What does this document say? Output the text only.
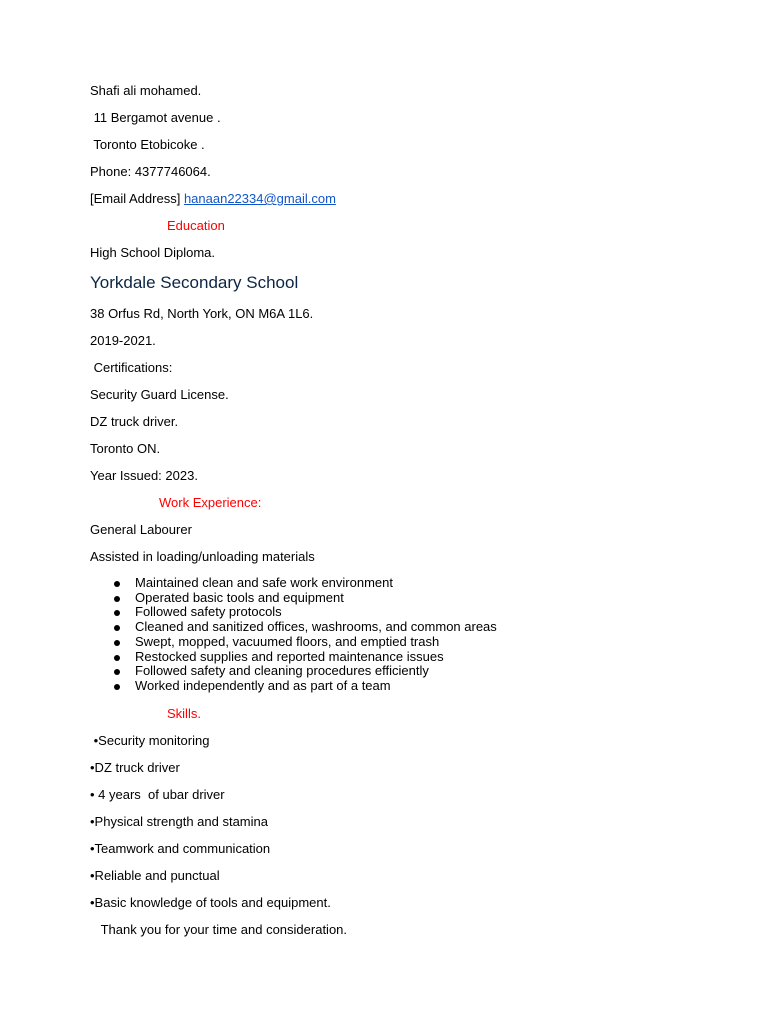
Shafi ali mohamed.
11 Bergamot avenue .
Toronto Etobicoke .
Phone: 4377746064.
[Email Address] hanaan22334@gmail.com
Education
High School Diploma.
Yorkdale Secondary School
38 Orfus Rd, North York, ON M6A 1L6.
2019-2021.
Certifications:
Security Guard License.
DZ truck driver.
Toronto ON.
Year Issued: 2023.
Work Experience:
General Labourer
Assisted in loading/unloading materials
Maintained clean and safe work environment
Operated basic tools and equipment
Followed safety protocols
Cleaned and sanitized offices, washrooms, and common areas
Swept, mopped, vacuumed floors, and emptied trash
Restocked supplies and reported maintenance issues
Followed safety and cleaning procedures efficiently
Worked independently and as part of a team
Skills.
•Security monitoring
•DZ truck driver
• 4 years  of ubar driver
•Physical strength and stamina
•Teamwork and communication
•Reliable and punctual
•Basic knowledge of tools and equipment.
Thank you for your time and consideration.
